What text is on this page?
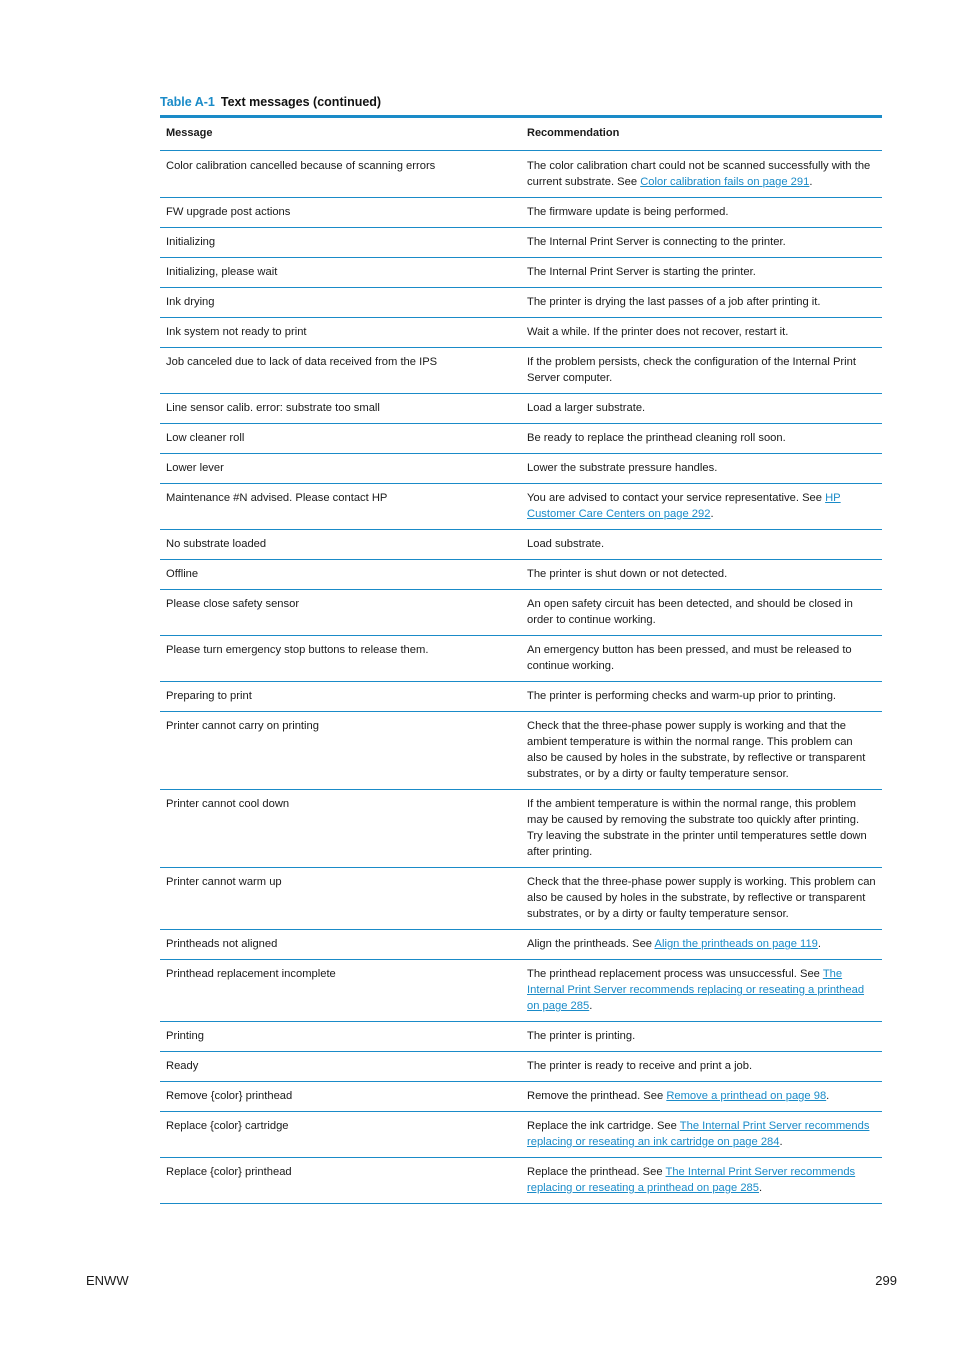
Table A-1 Text messages (continued)
Message	Recommendation
Color calibration cancelled because of scanning errors	The color calibration chart could not be scanned successfully with the current substrate. See Color calibration fails on page 291.
FW upgrade post actions	The firmware update is being performed.
Initializing	The Internal Print Server is connecting to the printer.
Initializing, please wait	The Internal Print Server is starting the printer.
Ink drying	The printer is drying the last passes of a job after printing it.
Ink system not ready to print	Wait a while. If the printer does not recover, restart it.
Job canceled due to lack of data received from the IPS	If the problem persists, check the configuration of the Internal Print Server computer.
Line sensor calib. error: substrate too small	Load a larger substrate.
Low cleaner roll	Be ready to replace the printhead cleaning roll soon.
Lower lever	Lower the substrate pressure handles.
Maintenance #N advised. Please contact HP	You are advised to contact your service representative. See HP Customer Care Centers on page 292.
No substrate loaded	Load substrate.
Offline	The printer is shut down or not detected.
Please close safety sensor	An open safety circuit has been detected, and should be closed in order to continue working.
Please turn emergency stop buttons to release them.	An emergency button has been pressed, and must be released to continue working.
Preparing to print	The printer is performing checks and warm-up prior to printing.
Printer cannot carry on printing	Check that the three-phase power supply is working and that the ambient temperature is within the normal range. This problem can also be caused by holes in the substrate, by reflective or transparent substrates, or by a dirty or faulty temperature sensor.
Printer cannot cool down	If the ambient temperature is within the normal range, this problem may be caused by removing the substrate too quickly after printing. Try leaving the substrate in the printer until temperatures settle down after printing.
Printer cannot warm up	Check that the three-phase power supply is working. This problem can also be caused by holes in the substrate, by reflective or transparent substrates, or by a dirty or faulty temperature sensor.
Printheads not aligned	Align the printheads. See Align the printheads on page 119.
Printhead replacement incomplete	The printhead replacement process was unsuccessful. See The Internal Print Server recommends replacing or reseating a printhead on page 285.
Printing	The printer is printing.
Ready	The printer is ready to receive and print a job.
Remove {color} printhead	Remove the printhead. See Remove a printhead on page 98.
Replace {color} cartridge	Replace the ink cartridge. See The Internal Print Server recommends replacing or reseating an ink cartridge on page 284.
Replace {color} printhead	Replace the printhead. See The Internal Print Server recommends replacing or reseating a printhead on page 285.
ENWW	299
